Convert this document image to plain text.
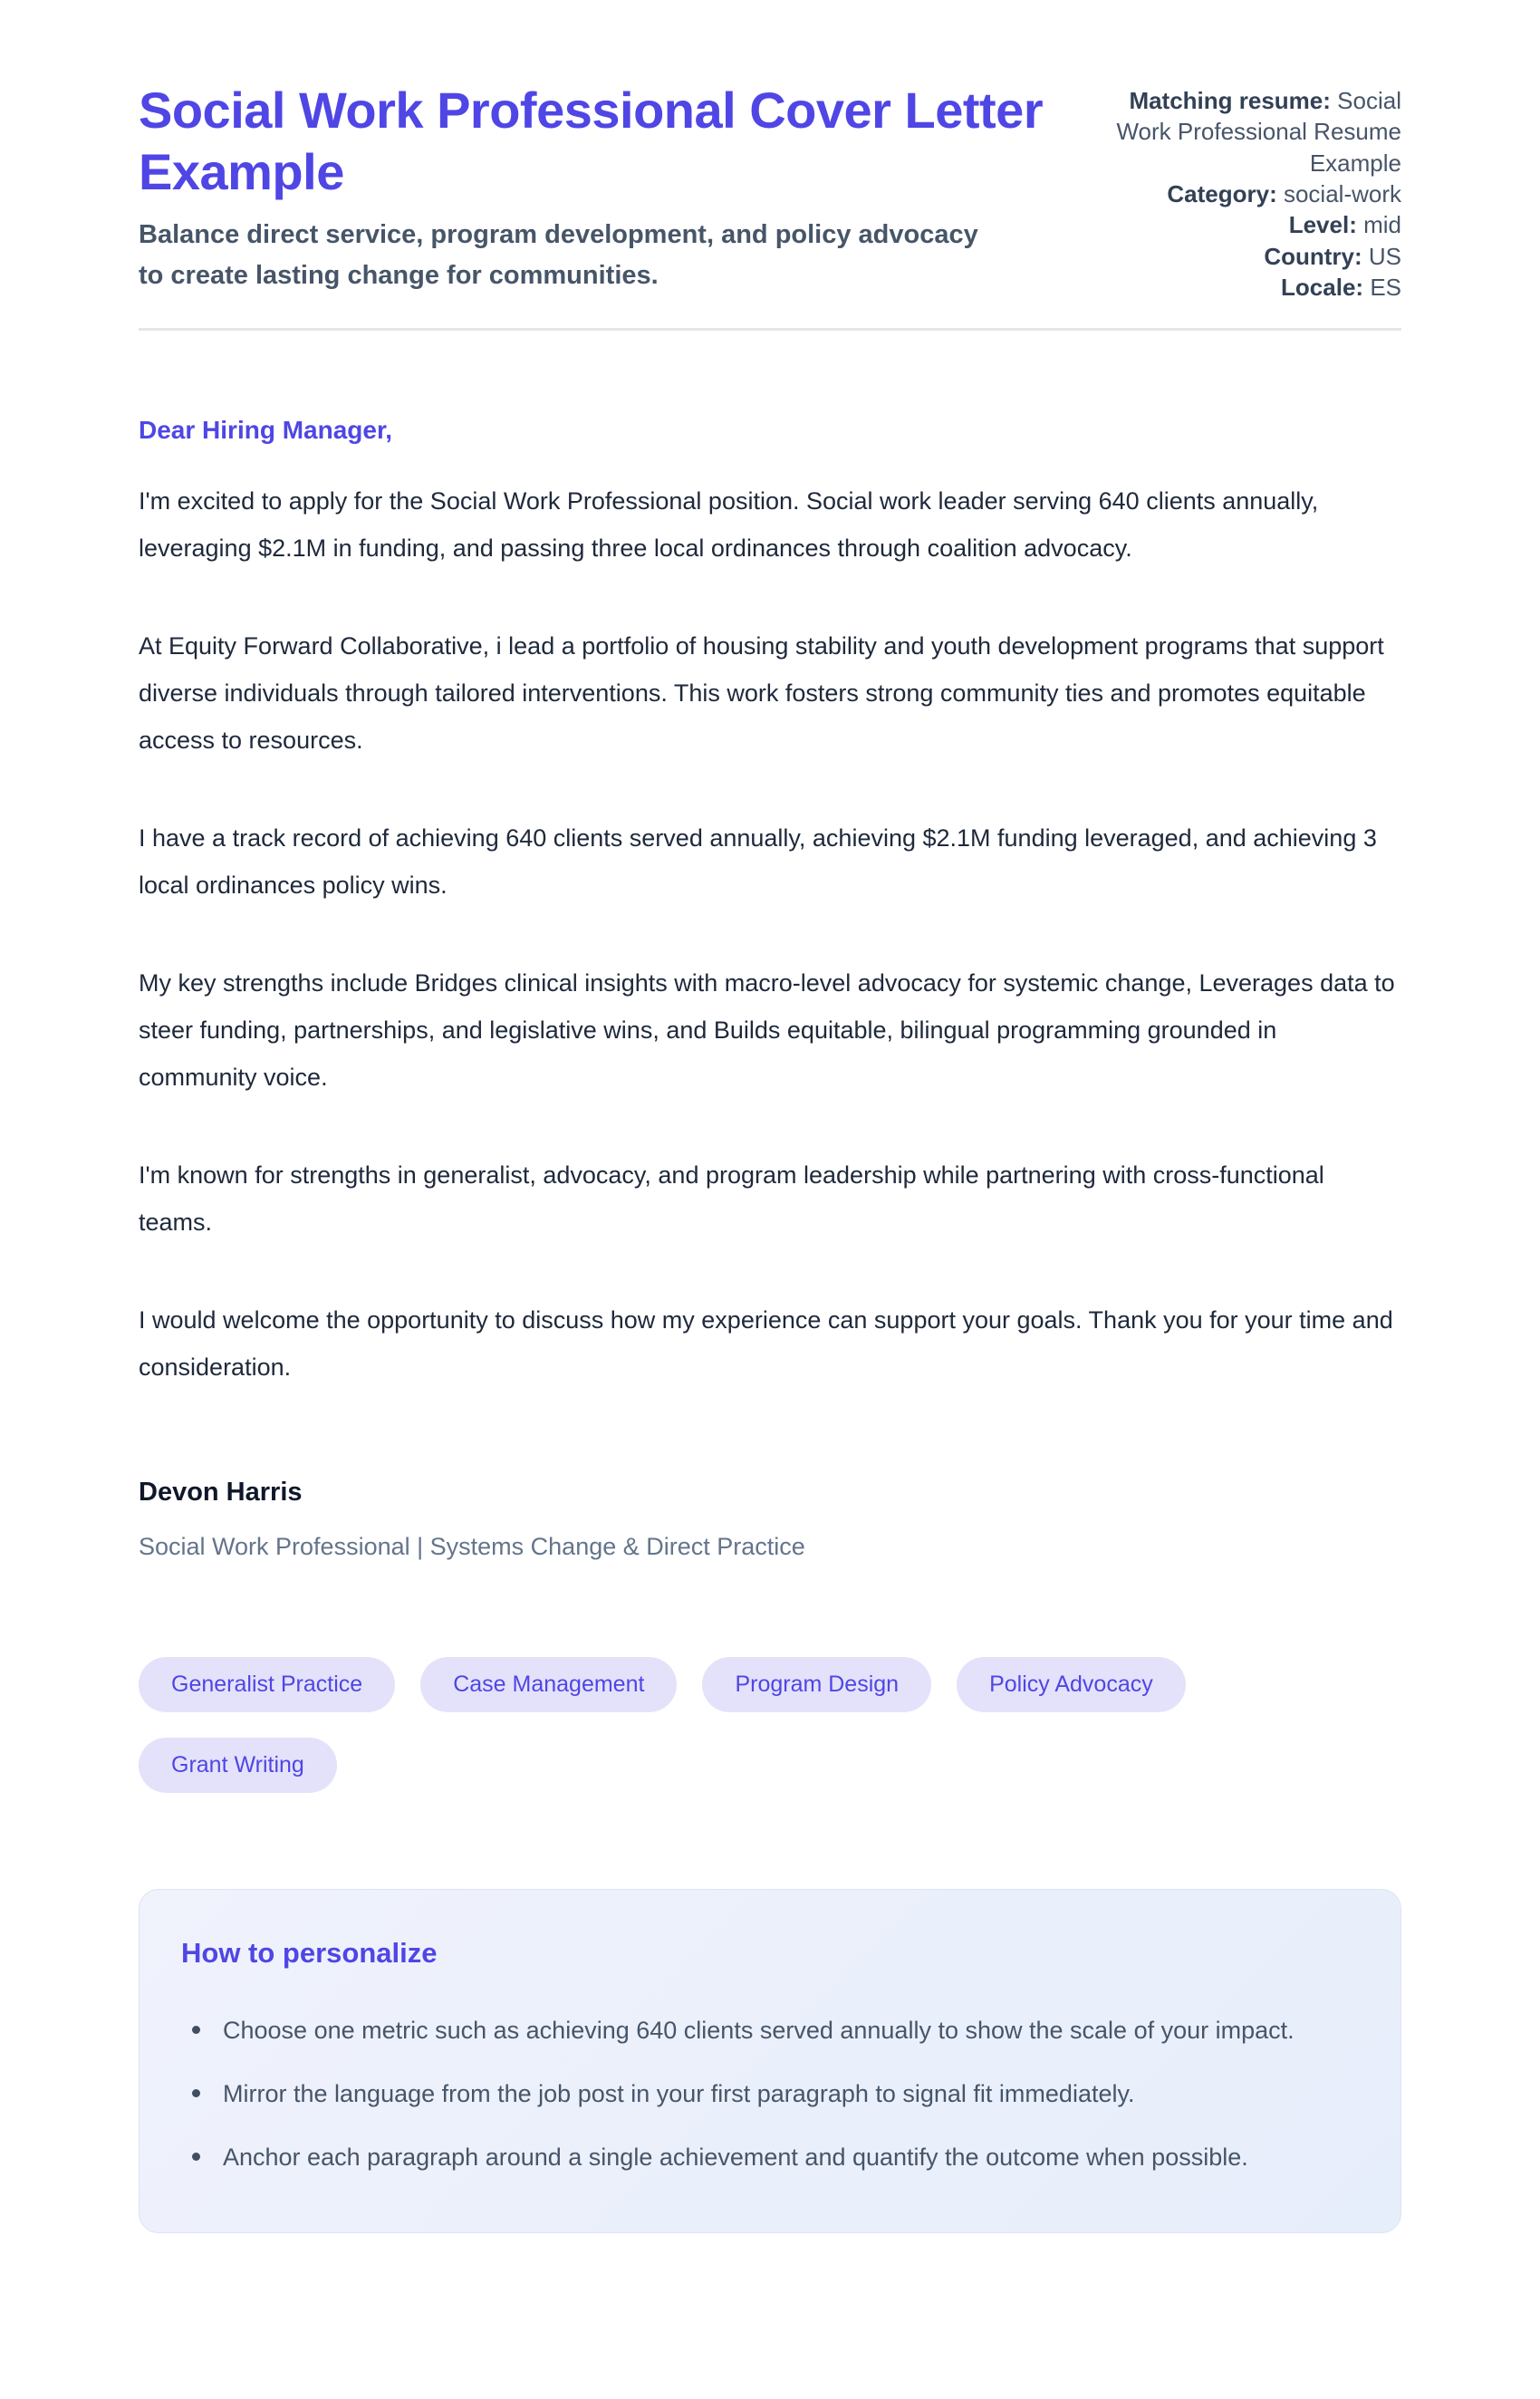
Social Work Professional Cover Letter Example
Balance direct service, program development, and policy advocacy to create lasting change for communities.
Matching resume: Social Work Professional Resume Example
Category: social-work
Level: mid
Country: US
Locale: ES
Dear Hiring Manager,

I'm excited to apply for the Social Work Professional position. Social work leader serving 640 clients annually, leveraging $2.1M in funding, and passing three local ordinances through coalition advocacy.

At Equity Forward Collaborative, i lead a portfolio of housing stability and youth development programs that support diverse individuals through tailored interventions. This work fosters strong community ties and promotes equitable access to resources.

I have a track record of achieving 640 clients served annually, achieving $2.1M funding leveraged, and achieving 3 local ordinances policy wins.

My key strengths include Bridges clinical insights with macro-level advocacy for systemic change, Leverages data to steer funding, partnerships, and legislative wins, and Builds equitable, bilingual programming grounded in community voice.

I'm known for strengths in generalist, advocacy, and program leadership while partnering with cross-functional teams.

I would welcome the opportunity to discuss how my experience can support your goals. Thank you for your time and consideration.

Devon Harris
Social Work Professional | Systems Change & Direct Practice
Generalist Practice	Case Management	Program Design	Policy Advocacy
Grant Writing
How to personalize
Choose one metric such as achieving 640 clients served annually to show the scale of your impact.
Mirror the language from the job post in your first paragraph to signal fit immediately.
Anchor each paragraph around a single achievement and quantify the outcome when possible.
